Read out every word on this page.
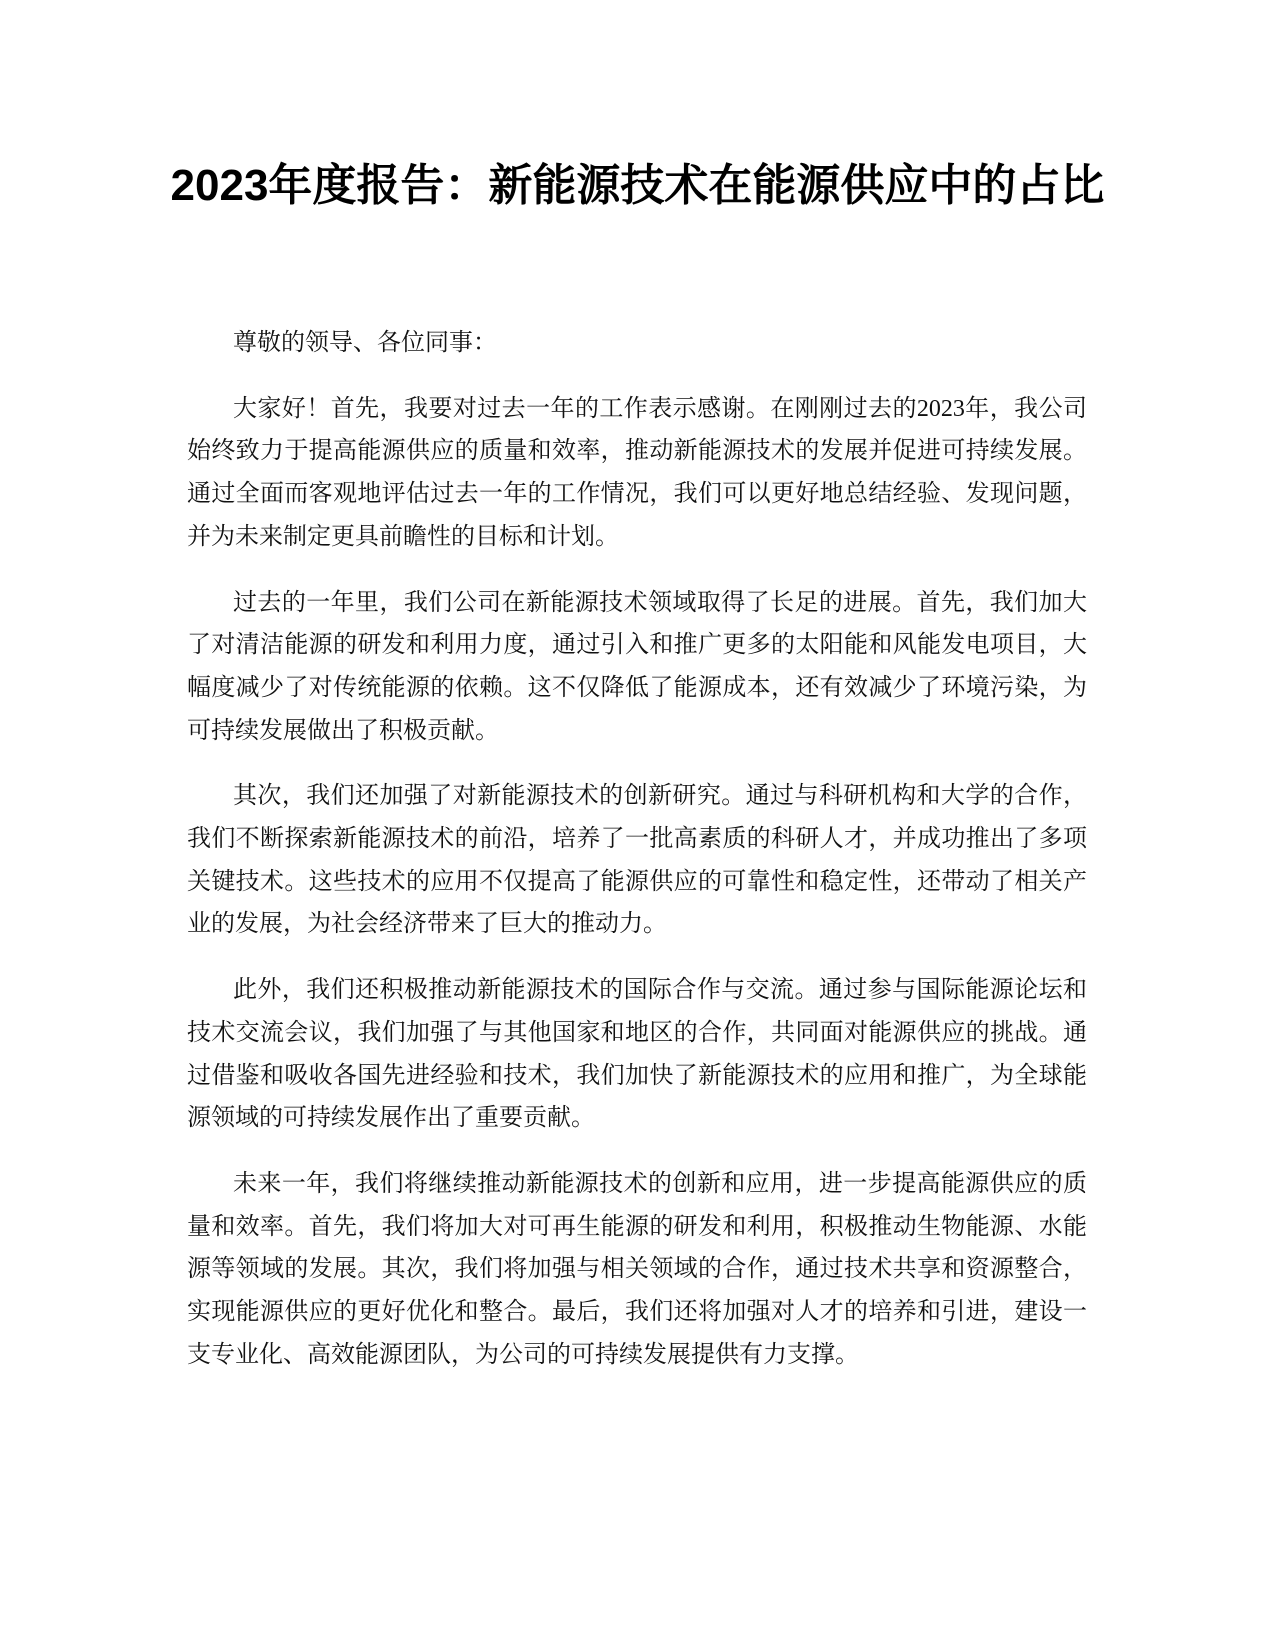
2023年度报告：新能源技术在能源供应中的占比

尊敬的领导、各位同事：

大家好！首先，我要对过去一年的工作表示感谢。在刚刚过去的2023年，我公司始终致力于提高能源供应的质量和效率，推动新能源技术的发展并促进可持续发展。通过全面而客观地评估过去一年的工作情况，我们可以更好地总结经验、发现问题，并为未来制定更具前瞻性的目标和计划。

过去的一年里，我们公司在新能源技术领域取得了长足的进展。首先，我们加大了对清洁能源的研发和利用力度，通过引入和推广更多的太阳能和风能发电项目，大幅度减少了对传统能源的依赖。这不仅降低了能源成本，还有效减少了环境污染，为可持续发展做出了积极贡献。

其次，我们还加强了对新能源技术的创新研究。通过与科研机构和大学的合作，我们不断探索新能源技术的前沿，培养了一批高素质的科研人才，并成功推出了多项关键技术。这些技术的应用不仅提高了能源供应的可靠性和稳定性，还带动了相关产业的发展，为社会经济带来了巨大的推动力。

此外，我们还积极推动新能源技术的国际合作与交流。通过参与国际能源论坛和技术交流会议，我们加强了与其他国家和地区的合作，共同面对能源供应的挑战。通过借鉴和吸收各国先进经验和技术，我们加快了新能源技术的应用和推广，为全球能源领域的可持续发展作出了重要贡献。

未来一年，我们将继续推动新能源技术的创新和应用，进一步提高能源供应的质量和效率。首先，我们将加大对可再生能源的研发和利用，积极推动生物能源、水能源等领域的发展。其次，我们将加强与相关领域的合作，通过技术共享和资源整合，实现能源供应的更好优化和整合。最后，我们还将加强对人才的培养和引进，建设一支专业化、高效能源团队，为公司的可持续发展提供有力支撑。
